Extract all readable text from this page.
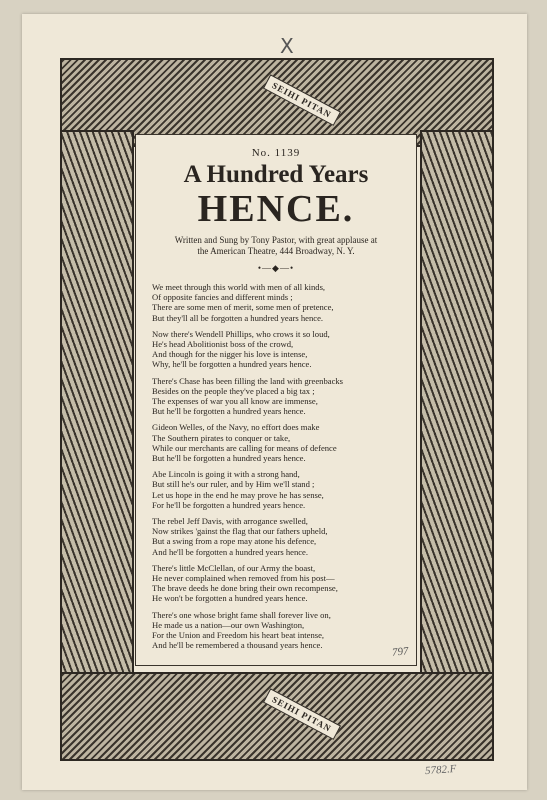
X
SEIHI PITAN
SEIHI PITAN
No. 1139
A Hundred Years
HENCE.
Written and Sung by Tony Pastor, with great applause at
the American Theatre, 444 Broadway, N. Y.
•—◆—•
We meet through this world with men of all kinds,
Of opposite fancies and different minds ;
There are some men of merit, some men of pretence,
But they'll all be forgotten a hundred years hence.
Now there's Wendell Phillips, who crows it so loud,
He's head Abolitionist boss of the crowd,
And though for the nigger his love is intense,
Why, he'll be forgotten a hundred years hence.
There's Chase has been filling the land with greenbacks
Besides on the people they've placed a big tax ;
The expenses of war you all know are immense,
But he'll be forgotten a hundred years hence.
Gideon Welles, of the Navy, no effort does make
The Southern pirates to conquer or take,
While our merchants are calling for means of defence
But he'll be forgotten a hundred years hence.
Abe Lincoln is going it with a strong hand,
But still he's our ruler, and by Him we'll stand ;
Let us hope in the end he may prove he has sense,
For he'll be forgotten a hundred years hence.
The rebel Jeff Davis, with arrogance swelled,
Now strikes 'gainst the flag that our fathers upheld,
But a swing from a rope may atone his defence,
And he'll be forgotten a hundred years hence.
There's little McClellan, of our Army the boast,
He never complained when removed from his post—
The brave deeds he done bring their own recompense,
He won't be forgotten a hundred years hence.
There's one whose bright fame shall forever live on,
He made us a nation—our own Washington,
For the Union and Freedom his heart beat intense,
And he'll be remembered a thousand years hence.	797
5782.F
